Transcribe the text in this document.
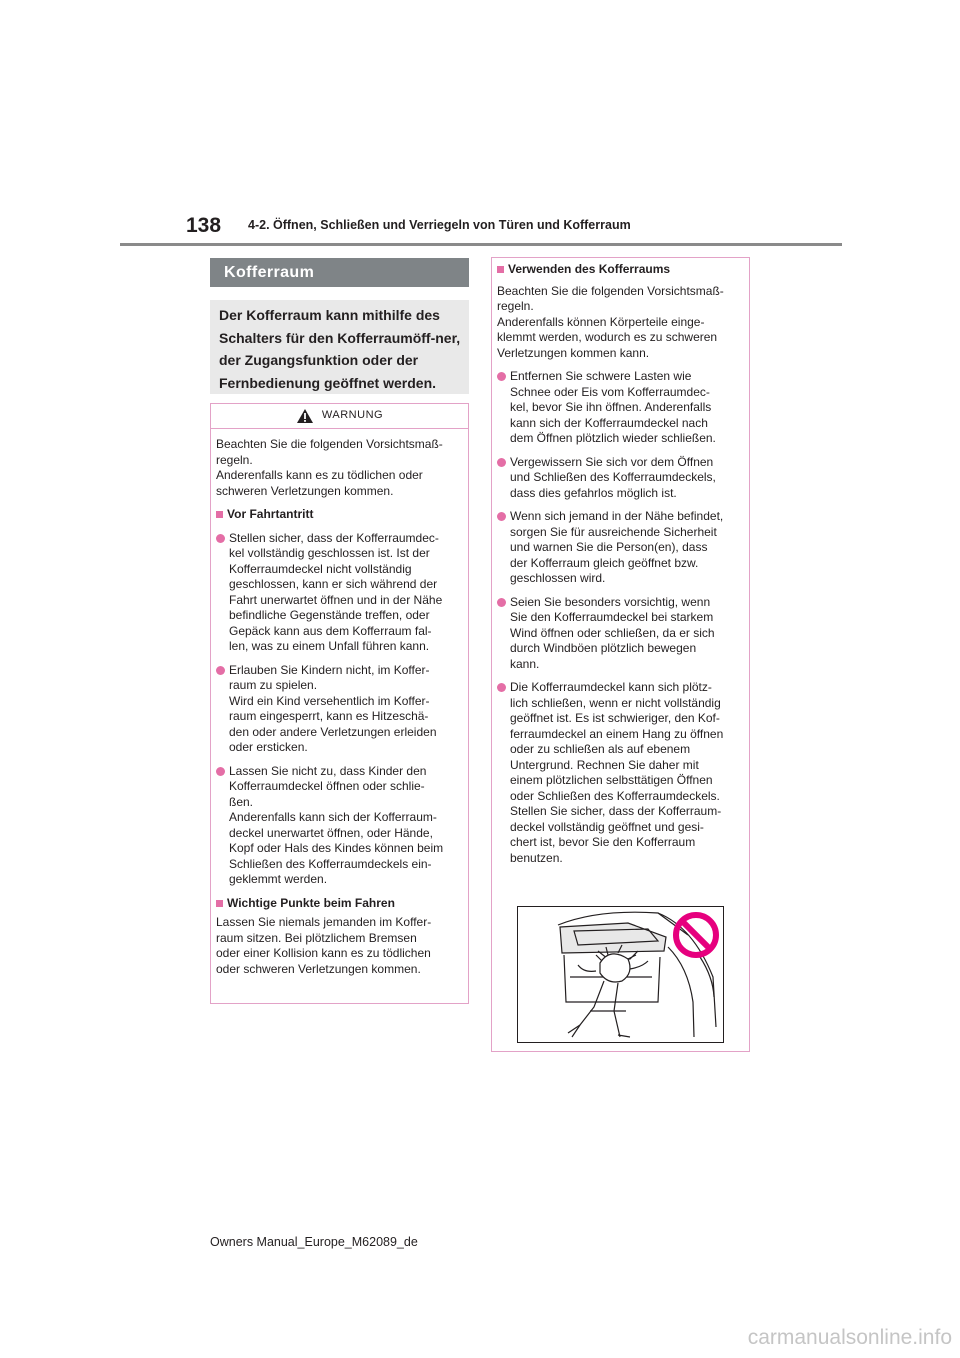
138 4-2. Öffnen, Schließen und Verriegeln von Türen und Kofferraum
Kofferraum
Der Kofferraum kann mithilfe des Schalters für den Kofferraumöff-ner, der Zugangsfunktion oder der Fernbedienung geöffnet werden.
WARNUNG

Beachten Sie die folgenden Vorsichtsmaß-
regeln.
Anderenfalls kann es zu tödlichen oder
schweren Verletzungen kommen.

Vor Fahrtantritt
Stellen sicher, dass der Kofferraumdec-
kel vollständig geschlossen ist. Ist der
Kofferraumdeckel nicht vollständig
geschlossen, kann er sich während der
Fahrt unerwartet öffnen und in der Nähe
befindliche Gegenstände treffen, oder
Gepäck kann aus dem Kofferraum fal-
len, was zu einem Unfall führen kann.
Erlauben Sie Kindern nicht, im Koffer-
raum zu spielen.
Wird ein Kind versehentlich im Koffer-
raum eingesperrt, kann es Hitzeschä-
den oder andere Verletzungen erleiden
oder ersticken.
Lassen Sie nicht zu, dass Kinder den
Kofferraumdeckel öffnen oder schlie-
ßen.
Anderenfalls kann sich der Kofferraum-
deckel unerwartet öffnen, oder Hände,
Kopf oder Hals des Kindes können beim
Schließen des Kofferraumdeckels ein-
geklemmt werden.
Wichtige Punkte beim Fahren

Lassen Sie niemals jemanden im Koffer-
raum sitzen. Bei plötzlichem Bremsen
oder einer Kollision kann es zu tödlichen
oder schweren Verletzungen kommen.

Verwenden des Kofferraums

Beachten Sie die folgenden Vorsichtsmaß-
regeln.
Anderenfalls können Körperteile einge-
klemmt werden, wodurch es zu schweren
Verletzungen kommen kann.

Entfernen Sie schwere Lasten wie
Schnee oder Eis vom Kofferraumdec-
kel, bevor Sie ihn öffnen. Anderenfalls
kann sich der Kofferraumdeckel nach
dem Öffnen plötzlich wieder schließen.
Vergewissern Sie sich vor dem Öffnen
und Schließen des Kofferraumdeckels,
dass dies gefahrlos möglich ist.
Wenn sich jemand in der Nähe befindet,
sorgen Sie für ausreichende Sicherheit
und warnen Sie die Person(en), dass
der Kofferraum gleich geöffnet bzw.
geschlossen wird.
Seien Sie besonders vorsichtig, wenn
Sie den Kofferraumdeckel bei starkem
Wind öffnen oder schließen, da er sich
durch Windböen plötzlich bewegen
kann.
Die Kofferraumdeckel kann sich plötz-
lich schließen, wenn er nicht vollständig
geöffnet ist. Es ist schwieriger, den Kof-
ferraumdeckel an einem Hang zu öffnen
oder zu schließen als auf ebenem
Untergrund. Rechnen Sie daher mit
einem plötzlichen selbsttätigen Öffnen
oder Schließen des Kofferraumdeckels.
Stellen Sie sicher, dass der Kofferraum-
deckel vollständig geöffnet und gesi-
chert ist, bevor Sie den Kofferraum
benutzen.
Owners Manual_Europe_M62089_de
carmanualsonline.info
